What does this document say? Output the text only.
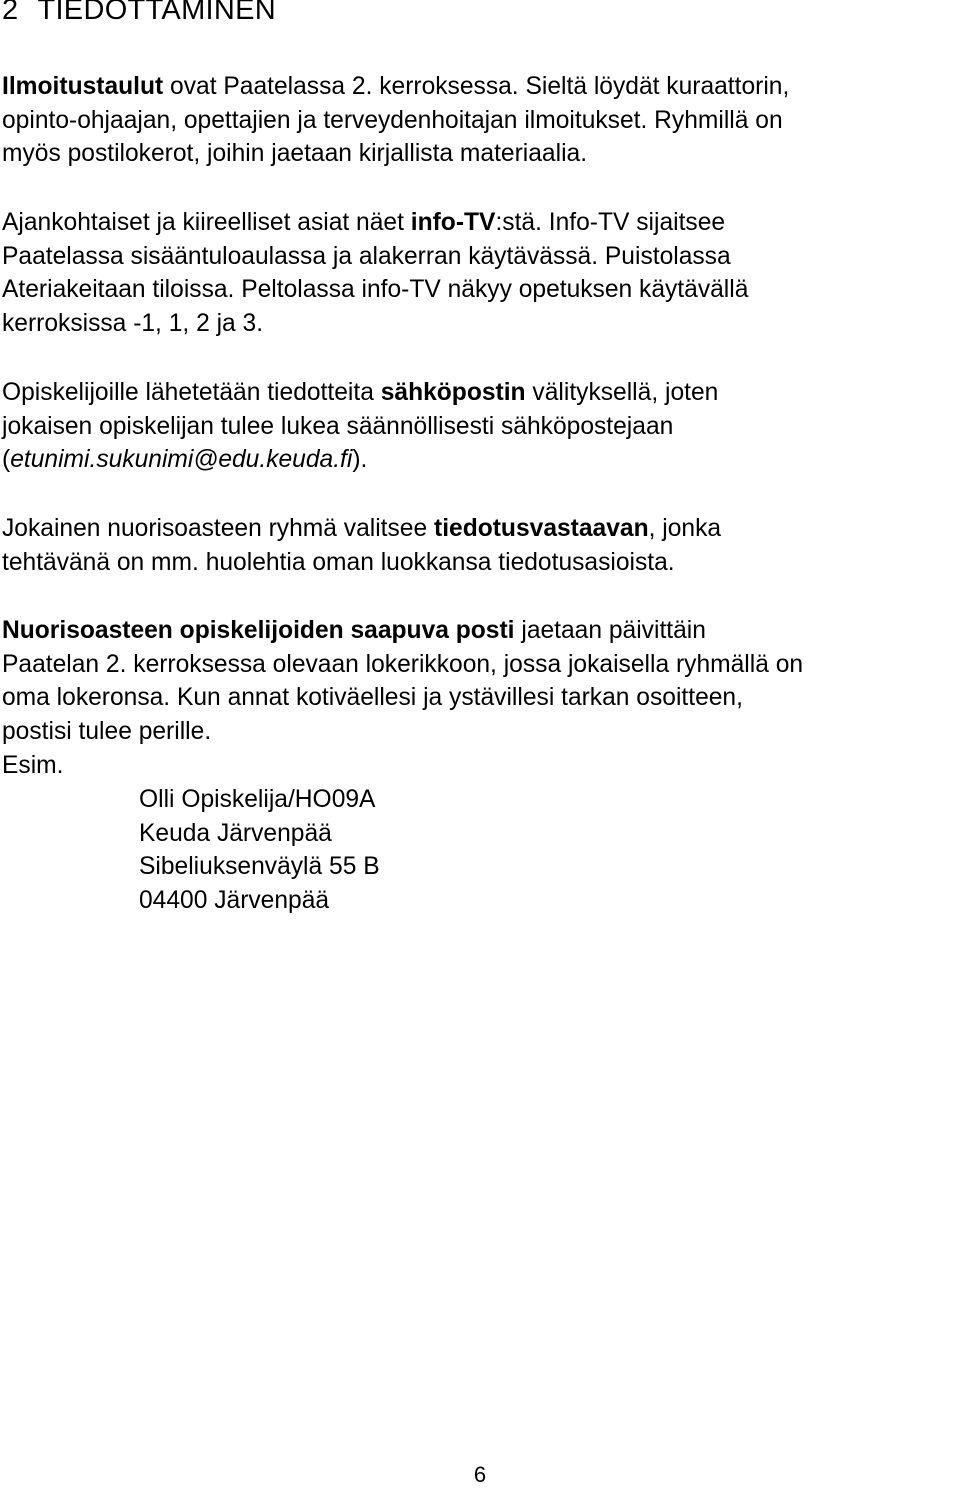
2 TIEDOTTAMINEN

Ilmoitustaulut ovat Paatelassa 2. kerroksessa. Sieltä löydät kuraattorin,
opinto-ohjaajan, opettajien ja terveydenhoitajan ilmoitukset. Ryhmillä on
myös postilokerot, joihin jaetaan kirjallista materiaalia.

Ajankohtaiset ja kiireelliset asiat näet info-TV:stä. Info-TV sijaitsee
Paatelassa sisääntuloaulassa ja alakerran käytävässä. Puistolassa
Ateriakeitaan tiloissa. Peltolassa info-TV näkyy opetuksen käytävällä
kerroksissa -1, 1, 2 ja 3.

Opiskelijoille lähetetään tiedotteita sähköpostin välityksellä, joten
jokaisen opiskelijan tulee lukea säännöllisesti sähköpostejaan
(etunimi.sukunimi@edu.keuda.fi).

Jokainen nuorisoasteen ryhmä valitsee tiedotusvastaavan, jonka
tehtävänä on mm. huolehtia oman luokkansa tiedotusasioista.

Nuorisoasteen opiskelijoiden saapuva posti jaetaan päivittäin
Paatelan 2. kerroksessa olevaan lokerikkoon, jossa jokaisella ryhmällä on
oma lokeronsa. Kun annat kotiväellesi ja ystävillesi tarkan osoitteen,
postisi tulee perille.
Esim.

Olli Opiskelija/HO09A
Keuda Järvenpää
Sibeliuksenväylä 55 B
04400 Järvenpää
6
